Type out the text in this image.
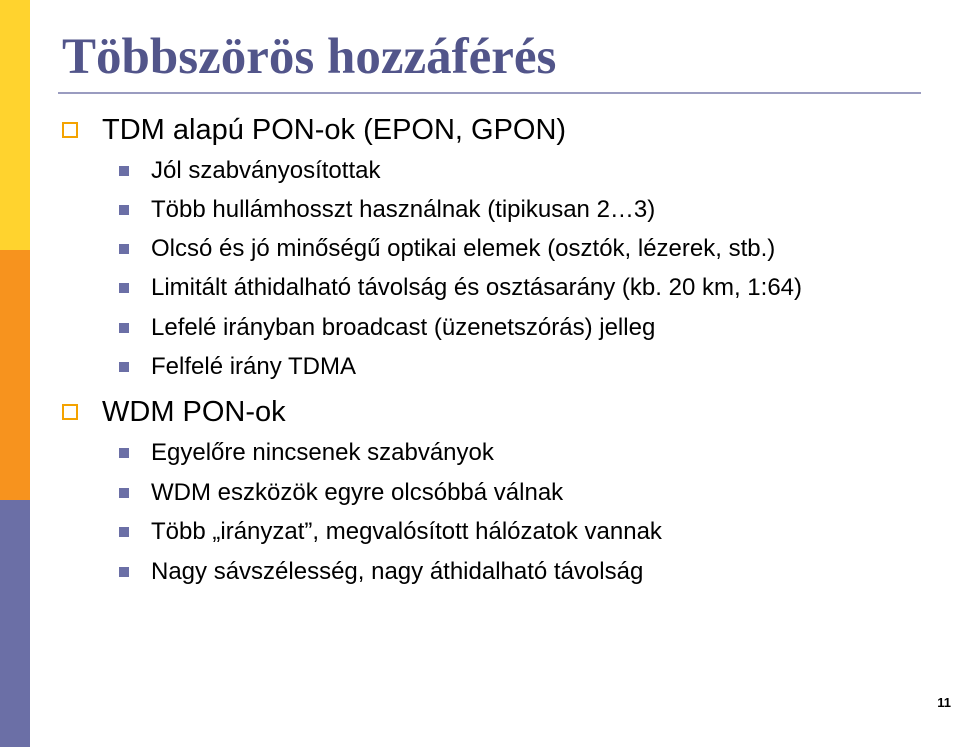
Többszörös hozzáférés
TDM alapú PON-ok (EPON, GPON)
Jól szabványosítottak
Több hullámhosszt használnak (tipikusan 2…3)
Olcsó és jó minőségű optikai elemek (osztók, lézerek, stb.)
Limitált áthidalható távolság és osztásarány (kb. 20 km, 1:64)
Lefelé irányban broadcast (üzenetszórás) jelleg
Felfelé irány TDMA
WDM PON-ok
Egyelőre nincsenek szabványok
WDM eszközök egyre olcsóbbá válnak
Több „irányzat”, megvalósított hálózatok vannak
Nagy sávszélesség, nagy áthidalható távolság
11
